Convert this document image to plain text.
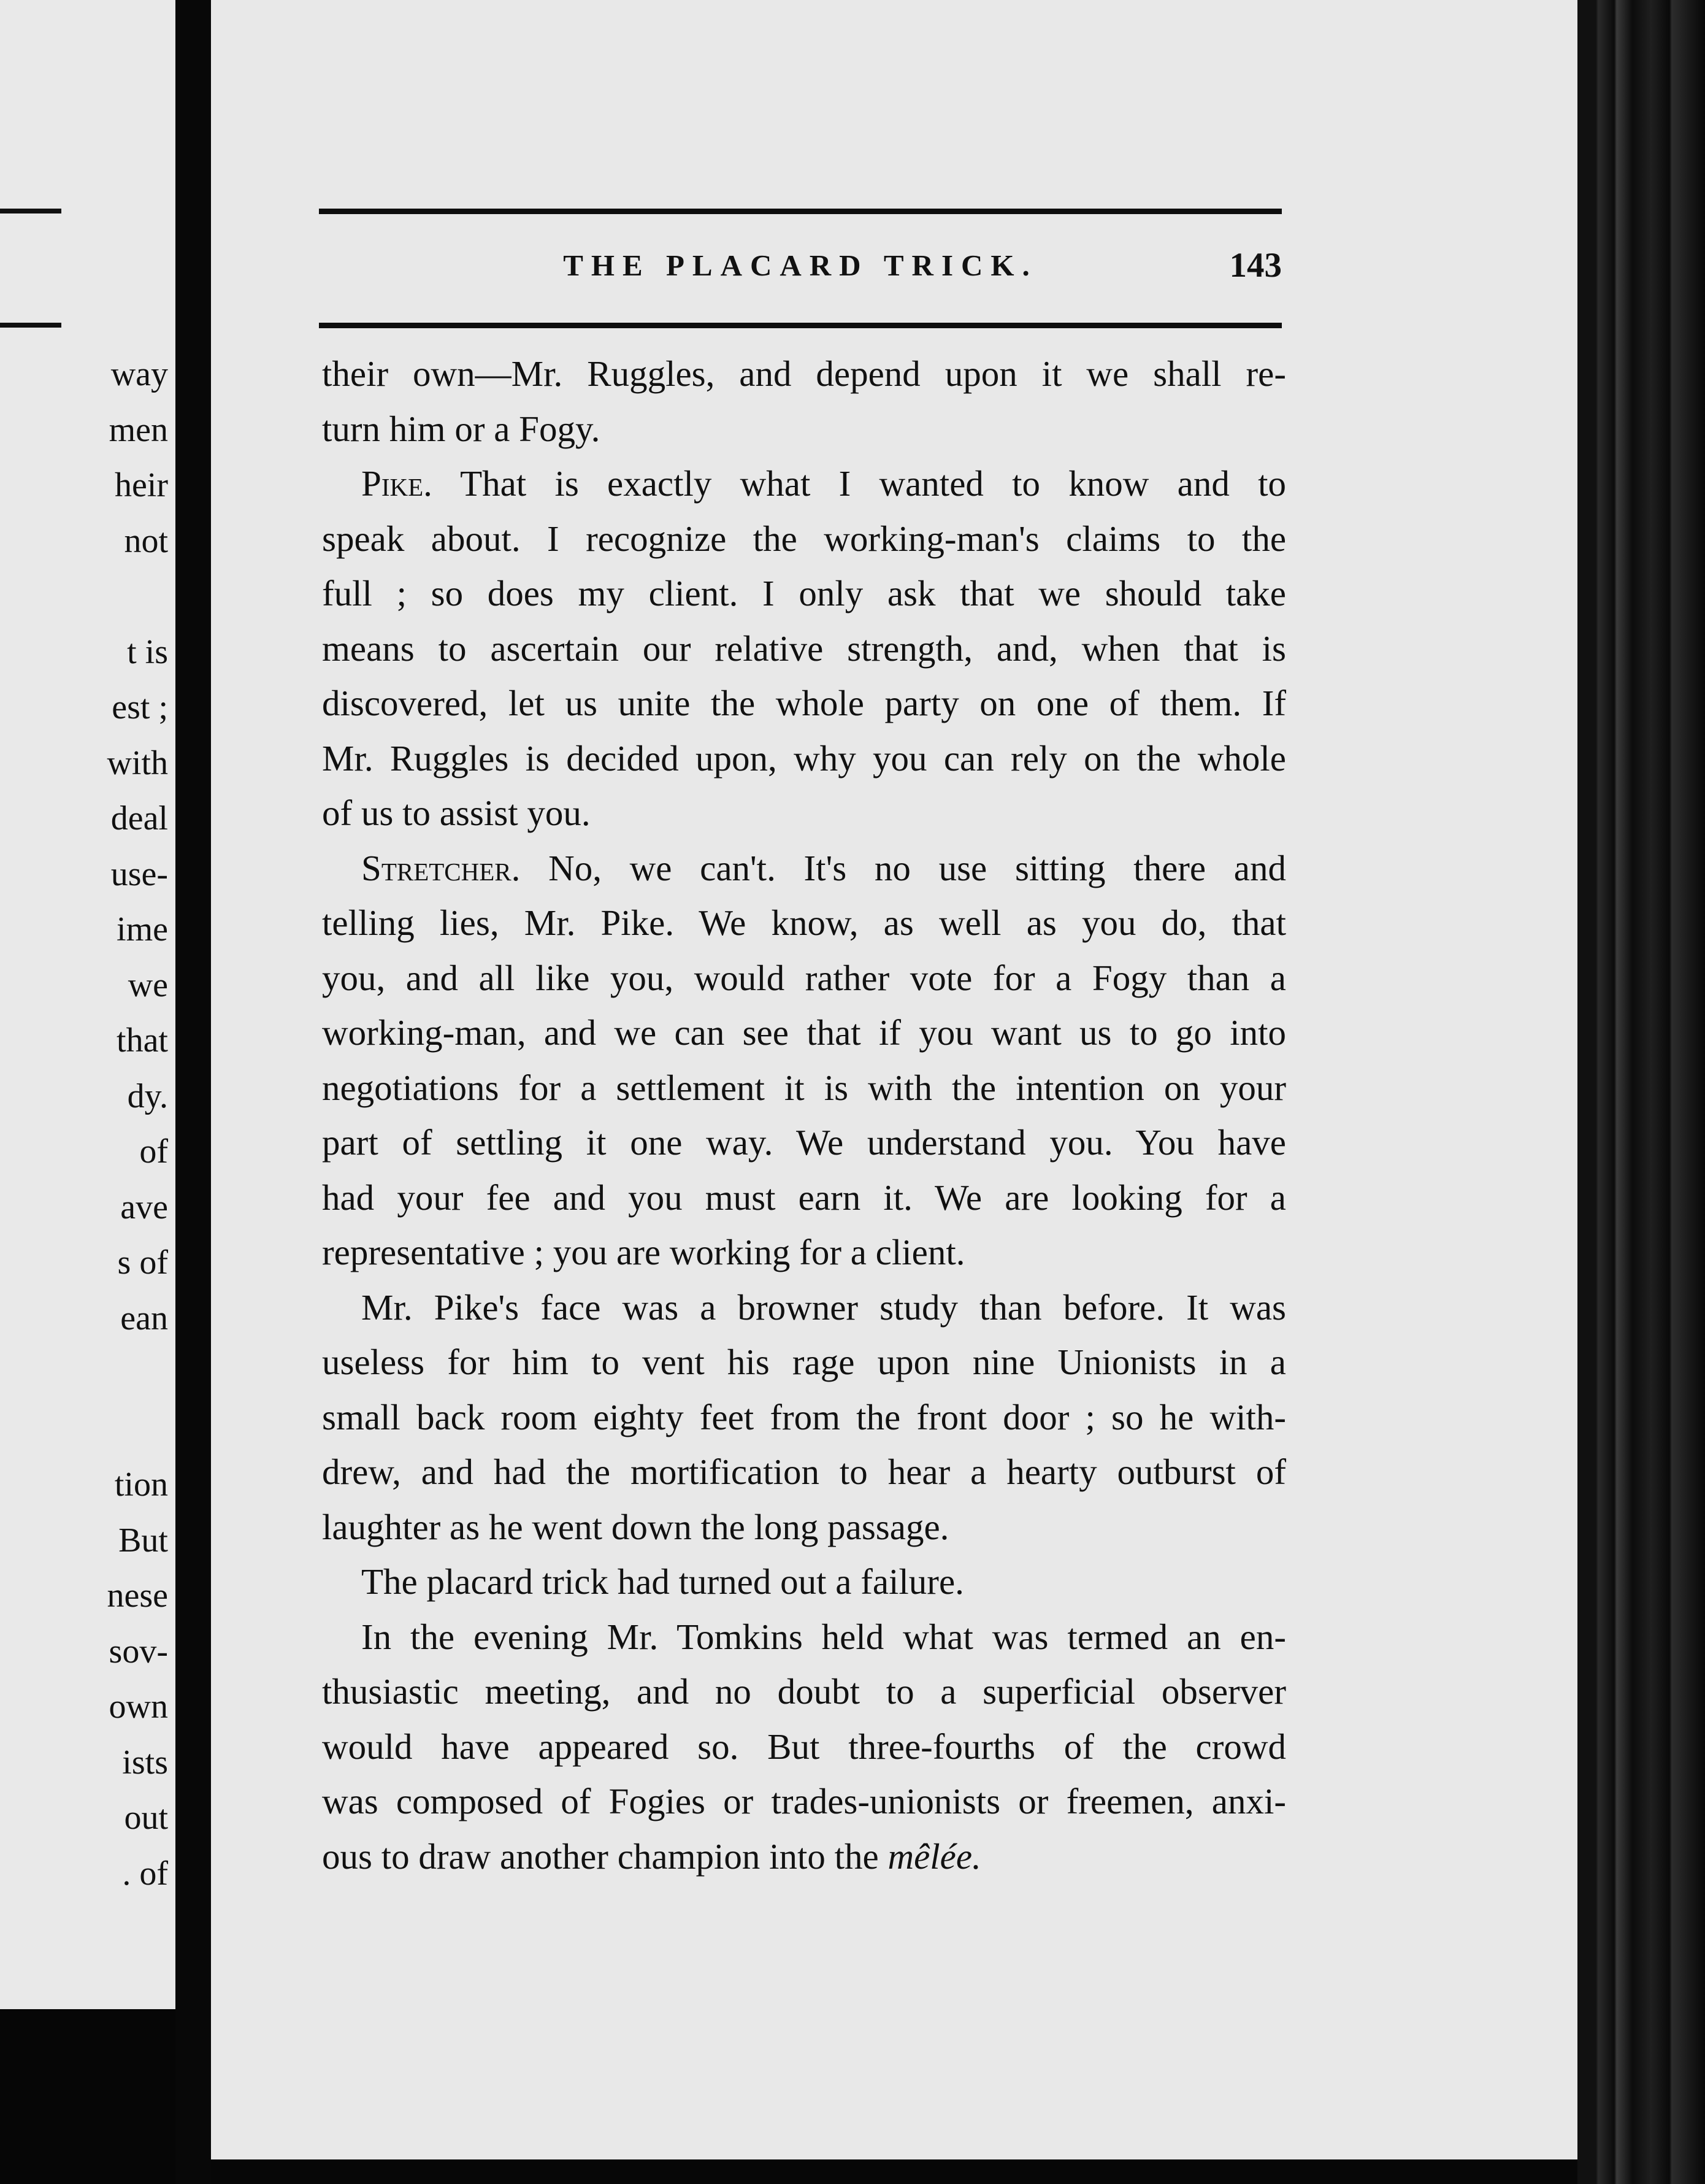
way
men
heir
not
t is
est ;
with
deal
use-
ime
we
that
dy.
of
ave
s of
ean
tion
But
nese
sov-
own
ists
out
. of
THE PLACARD TRICK.	143
their own—Mr. Ruggles, and depend upon it we shall re-
turn him or a Fogy.
Pike. That is exactly what I wanted to know and to
speak about. I recognize the working-man's claims to the
full ; so does my client. I only ask that we should take
means to ascertain our relative strength, and, when that is
discovered, let us unite the whole party on one of them. If
Mr. Ruggles is decided upon, why you can rely on the whole
of us to assist you.
Stretcher. No, we can't. It's no use sitting there and
telling lies, Mr. Pike. We know, as well as you do, that
you, and all like you, would rather vote for a Fogy than a
working-man, and we can see that if you want us to go into
negotiations for a settlement it is with the intention on your
part of settling it one way. We understand you. You have
had your fee and you must earn it. We are looking for a
representative ; you are working for a client.
Mr. Pike's face was a browner study than before. It was
useless for him to vent his rage upon nine Unionists in a
small back room eighty feet from the front door ; so he with-
drew, and had the mortification to hear a hearty outburst of
laughter as he went down the long passage.
The placard trick had turned out a failure.
In the evening Mr. Tomkins held what was termed an en-
thusiastic meeting, and no doubt to a superficial observer
would have appeared so. But three-fourths of the crowd
was composed of Fogies or trades-unionists or freemen, anxi-
ous to draw another champion into the mêlée.
